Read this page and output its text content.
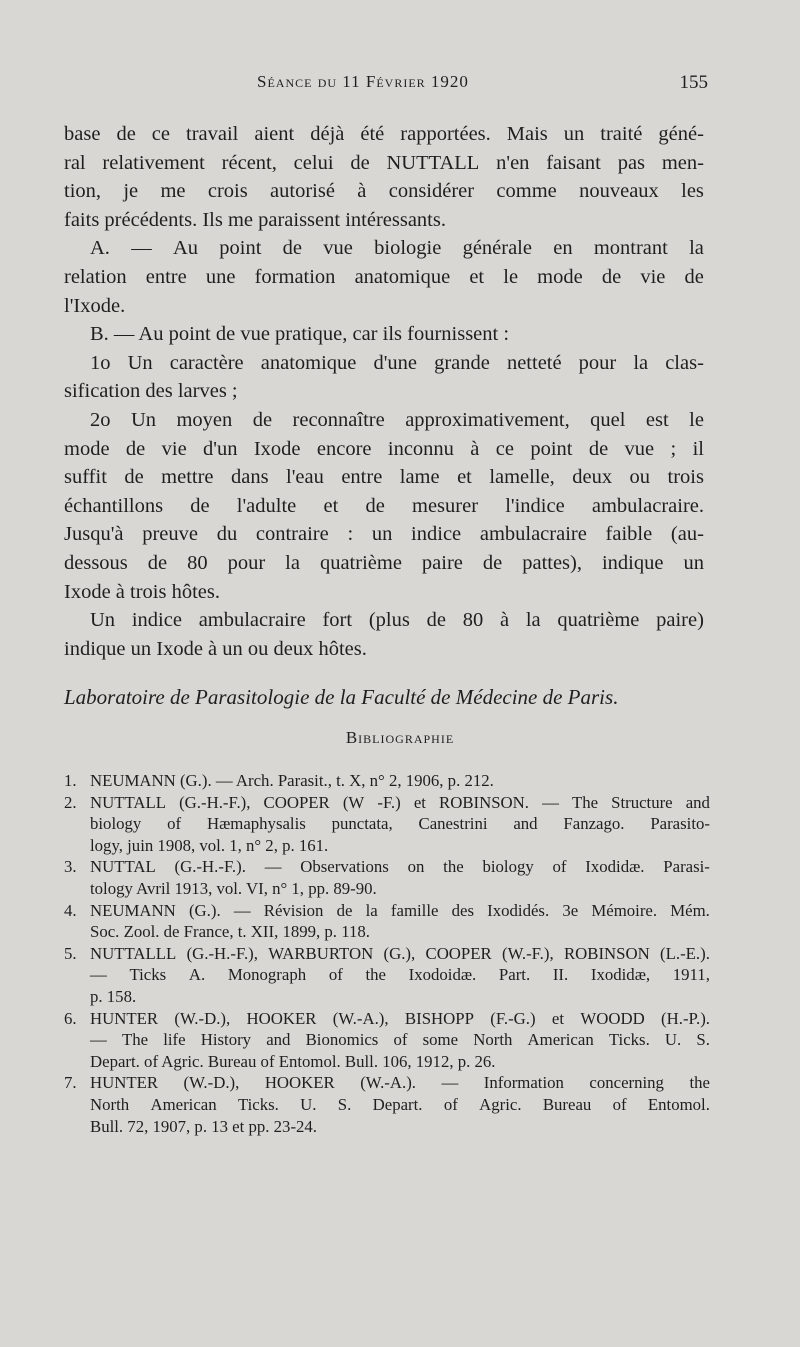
Séance du 11 Février 1920	155
base de ce travail aient déjà été rapportées. Mais un traité géné-
ral relativement récent, celui de NUTTALL n'en faisant pas men-
tion, je me crois autorisé à considérer comme nouveaux les
faits précédents. Ils me paraissent intéressants.
A. — Au point de vue biologie générale en montrant la
relation entre une formation anatomique et le mode de vie de
l'Ixode.
B. — Au point de vue pratique, car ils fournissent :
1o Un caractère anatomique d'une grande netteté pour la clas-
sification des larves ;
2o Un moyen de reconnaître approximativement, quel est le
mode de vie d'un Ixode encore inconnu à ce point de vue ; il
suffit de mettre dans l'eau entre lame et lamelle, deux ou trois
échantillons de l'adulte et de mesurer l'indice ambulacraire.
Jusqu'à preuve du contraire : un indice ambulacraire faible (au-
dessous de 80 pour la quatrième paire de pattes), indique un
Ixode à trois hôtes.
Un indice ambulacraire fort (plus de 80 à la quatrième paire)
indique un Ixode à un ou deux hôtes.
Laboratoire de Parasitologie de la Faculté de Médecine de Paris.
Bibliographie
1. NEUMANN (G.). — Arch. Parasit., t. X, n° 2, 1906, p. 212.
2. NUTTALL (G.-H.-F.), COOPER (W -F.) et ROBINSON. — The Structure and
biology of Hæmaphysalis punctata, Canestrini and Fanzago. Parasito-
logy, juin 1908, vol. 1, n° 2, p. 161.
3. NUTTAL (G.-H.-F.). — Observations on the biology of Ixodidæ. Parasi-
tology Avril 1913, vol. VI, n° 1, pp. 89-90.
4. NEUMANN (G.). — Révision de la famille des Ixodidés. 3e Mémoire. Mém.
Soc. Zool. de France, t. XII, 1899, p. 118.
5. NUTTALLL (G.-H.-F.), WARBURTON (G.), COOPER (W.-F.), ROBINSON (L.-E.).
— Ticks A. Monograph of the Ixodoidæ. Part. II. Ixodidæ, 1911,
p. 158.
6. HUNTER (W.-D.), HOOKER (W.-A.), BISHOPP (F.-G.) et WOODD (H.-P.).
— The life History and Bionomics of some North American Ticks. U. S.
Depart. of Agric. Bureau of Entomol. Bull. 106, 1912, p. 26.
7. HUNTER (W.-D.), HOOKER (W.-A.). — Information concerning the
North American Ticks. U. S. Depart. of Agric. Bureau of Entomol.
Bull. 72, 1907, p. 13 et pp. 23-24.
